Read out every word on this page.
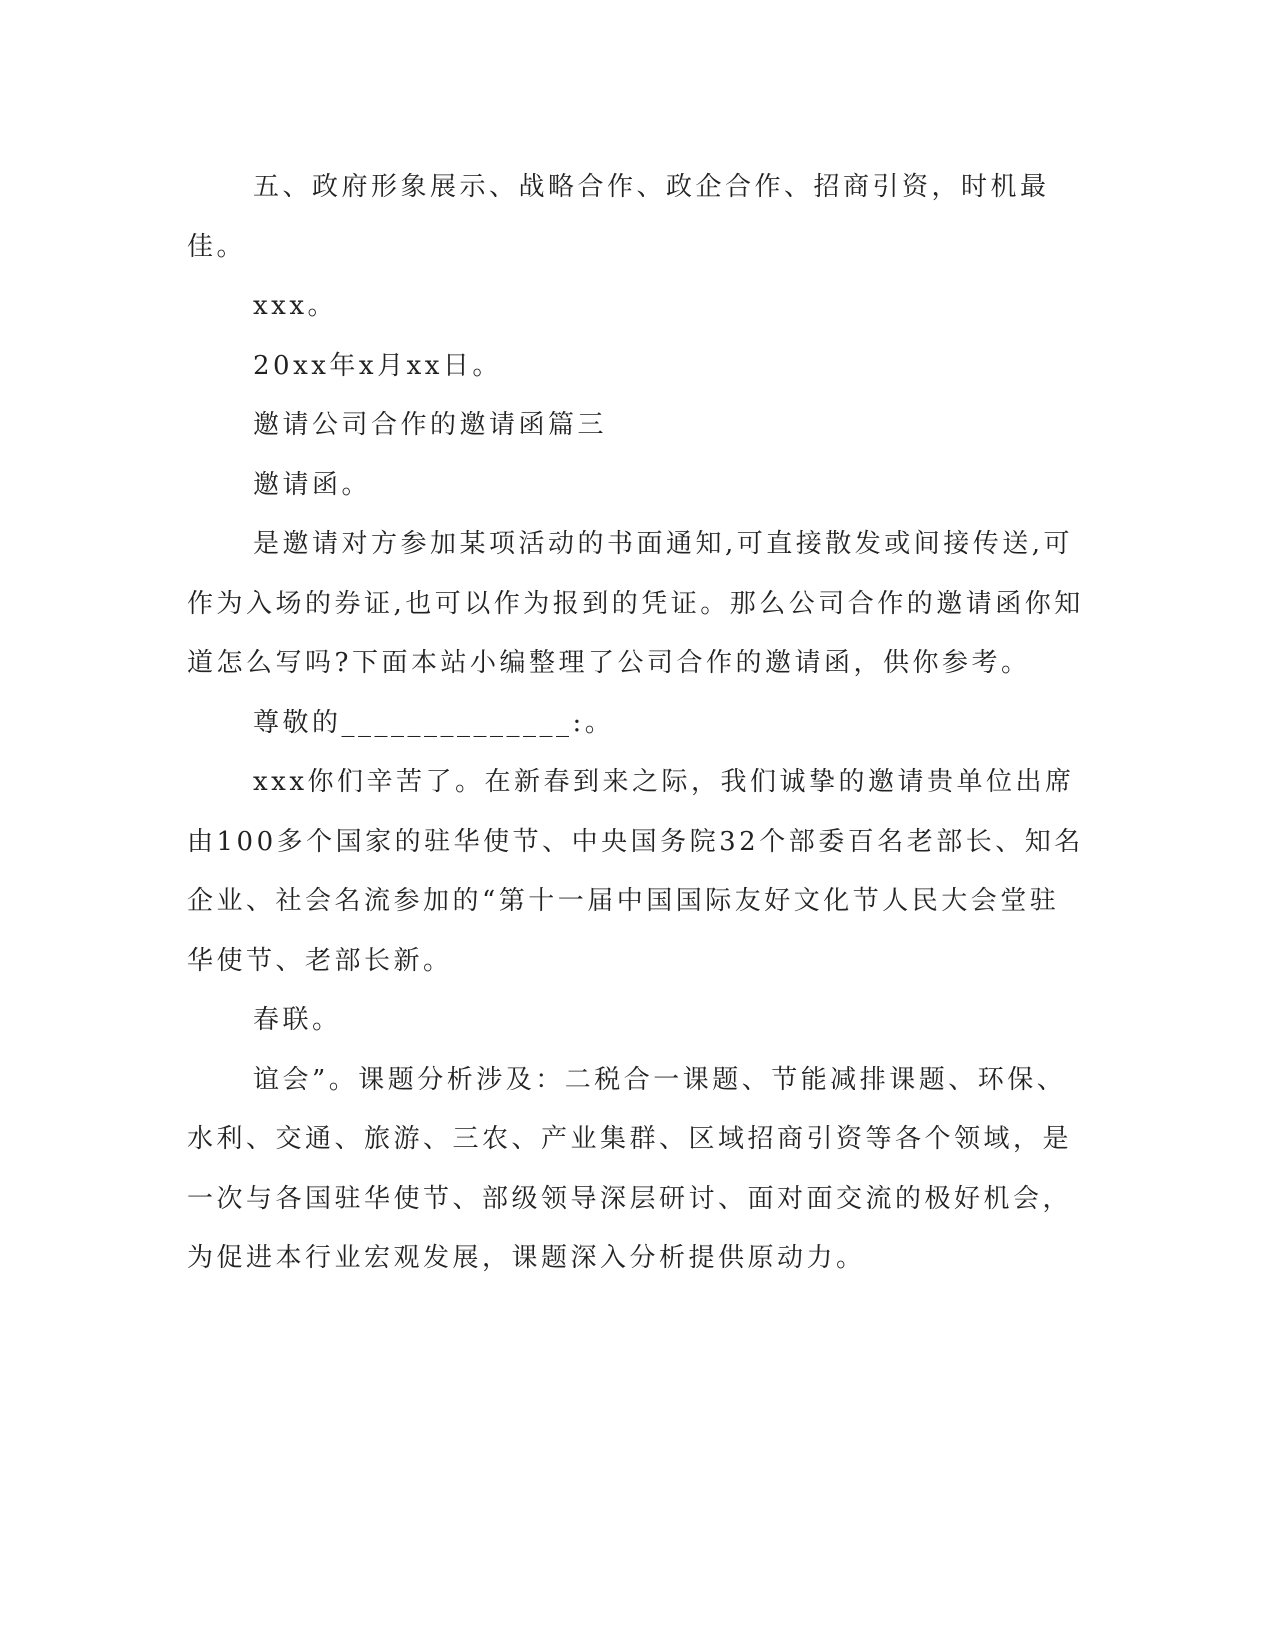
五、政府形象展示、战略合作、政企合作、招商引资，时机最佳。

xxx。

20xx年x月xx日。

邀请公司合作的邀请函篇三

邀请函。

是邀请对方参加某项活动的书面通知,可直接散发或间接传送,可作为入场的券证,也可以作为报到的凭证。那么公司合作的邀请函你知道怎么写吗?下面本站小编整理了公司合作的邀请函，供你参考。

尊敬的______________:。

xxx你们辛苦了。在新春到来之际，我们诚挚的邀请贵单位出席由100多个国家的驻华使节、中央国务院32个部委百名老部长、知名企业、社会名流参加的“第十一届中国国际友好文化节人民大会堂驻华使节、老部长新。

春联。

谊会”。课题分析涉及：二税合一课题、节能减排课题、环保、水利、交通、旅游、三农、产业集群、区域招商引资等各个领域，是一次与各国驻华使节、部级领导深层研讨、面对面交流的极好机会，为促进本行业宏观发展，课题深入分析提供原动力。
